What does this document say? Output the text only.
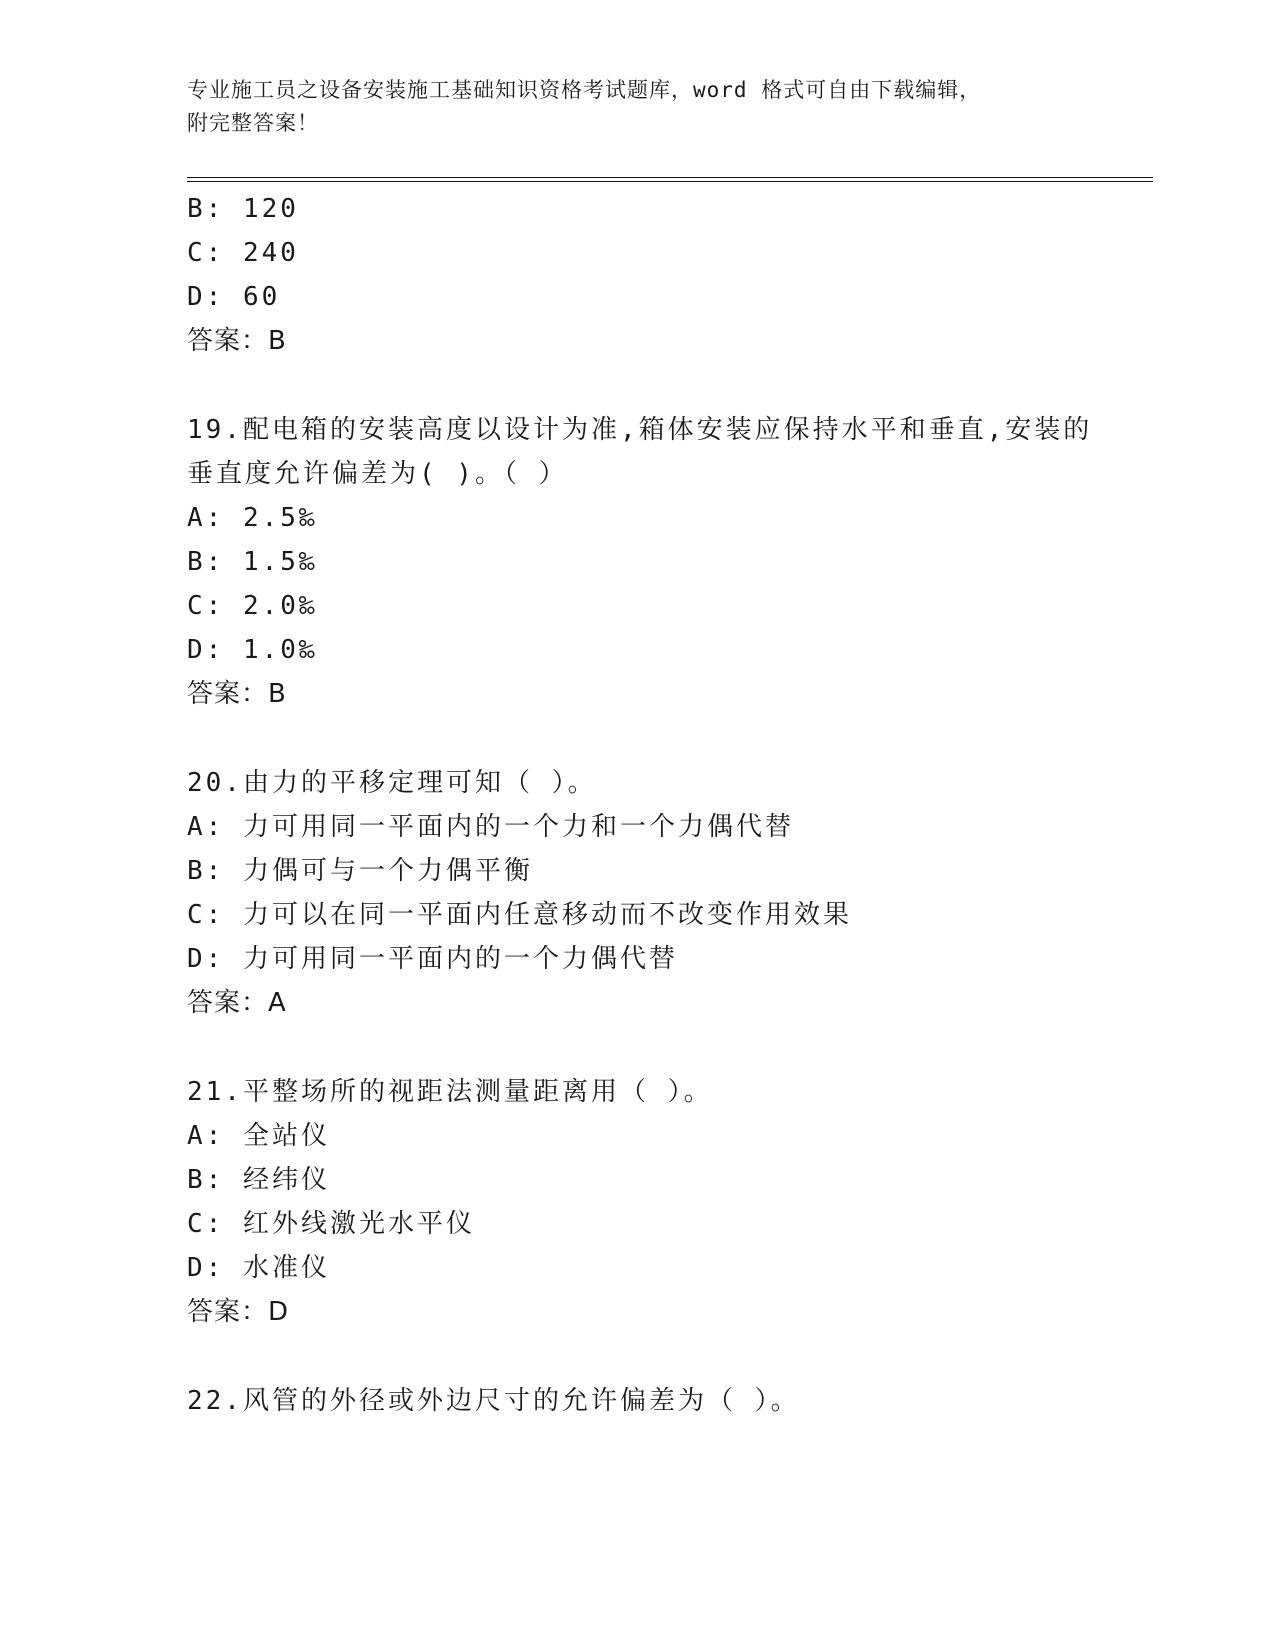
专业施工员之设备安装施工基础知识资格考试题库，word 格式可自由下载编辑，
附完整答案！
B: 120
C: 240
D: 60
答案：B
19.配电箱的安装高度以设计为准,箱体安装应保持水平和垂直,安装的
垂直度允许偏差为( )。（ ）
A: 2.5‰
B: 1.5‰
C: 2.0‰
D: 1.0‰
答案：B
20.由力的平移定理可知（ ）。
A: 力可用同一平面内的一个力和一个力偶代替
B: 力偶可与一个力偶平衡
C: 力可以在同一平面内任意移动而不改变作用效果
D: 力可用同一平面内的一个力偶代替
答案：A
21.平整场所的视距法测量距离用（ ）。
A: 全站仪
B: 经纬仪
C: 红外线激光水平仪
D: 水准仪
答案：D
22.风管的外径或外边尺寸的允许偏差为（ ）。
